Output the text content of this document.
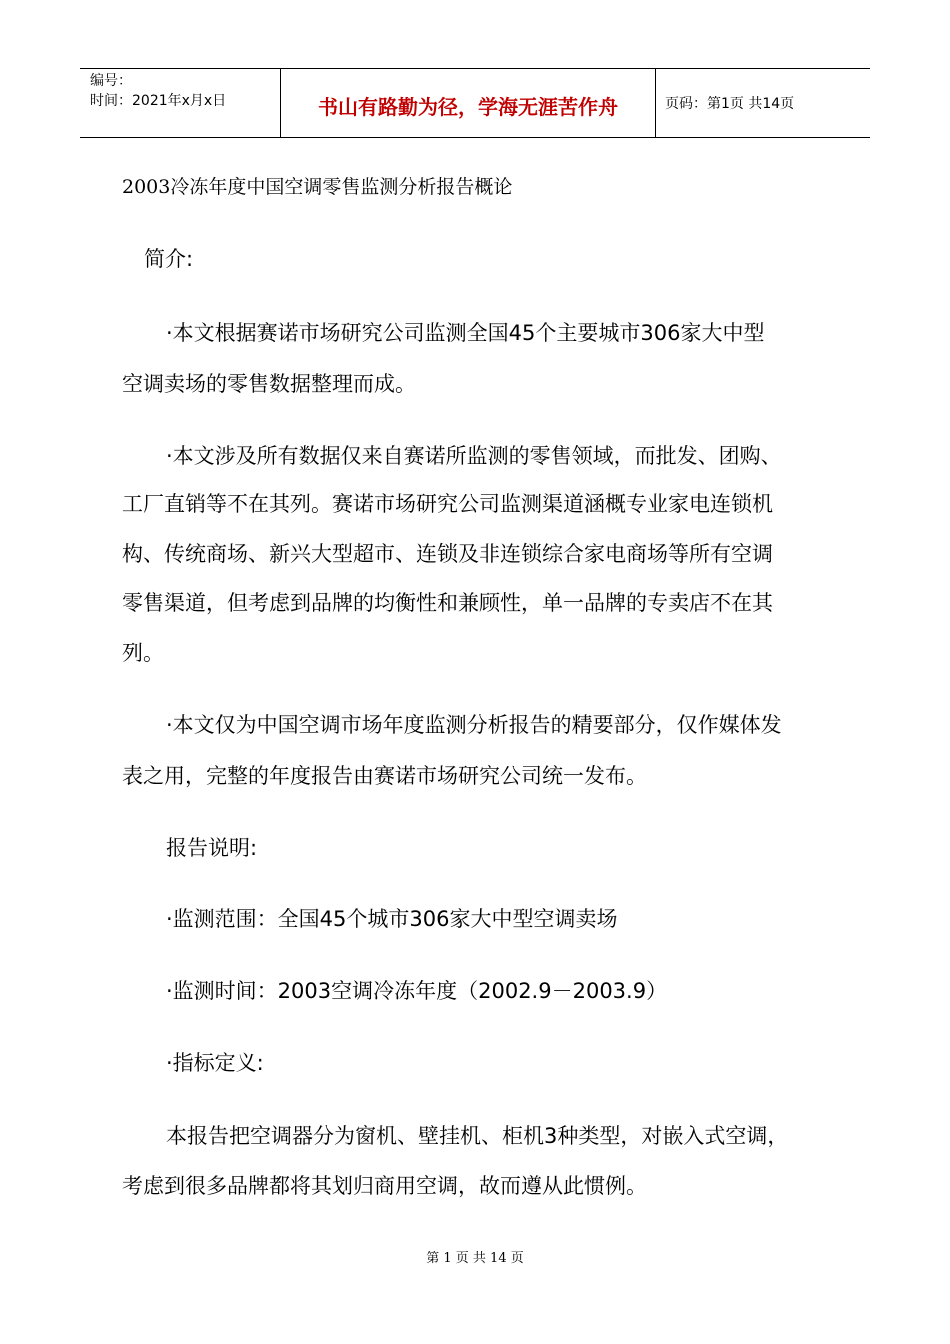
编号：
时间：2021年x月x日	书山有路勤为径，学海无涯苦作舟	页码：第1页 共14页
2003冷冻年度中国空调零售监测分析报告概论
简介:
·本文根据赛诺市场研究公司监测全国45个主要城市306家大中型
空调卖场的零售数据整理而成。
·本文涉及所有数据仅来自赛诺所监测的零售领域，而批发、团购、
工厂直销等不在其列。赛诺市场研究公司监测渠道涵概专业家电连锁机
构、传统商场、新兴大型超市、连锁及非连锁综合家电商场等所有空调
零售渠道，但考虑到品牌的均衡性和兼顾性，单一品牌的专卖店不在其
列。
·本文仅为中国空调市场年度监测分析报告的精要部分，仅作媒体发
表之用，完整的年度报告由赛诺市场研究公司统一发布。
报告说明:
·监测范围：全国45个城市306家大中型空调卖场
·监测时间：2003空调冷冻年度（2002.9－2003.9）
·指标定义:
本报告把空调器分为窗机、壁挂机、柜机3种类型，对嵌入式空调，
考虑到很多品牌都将其划归商用空调，故而遵从此惯例。
第 1 页 共 14 页
